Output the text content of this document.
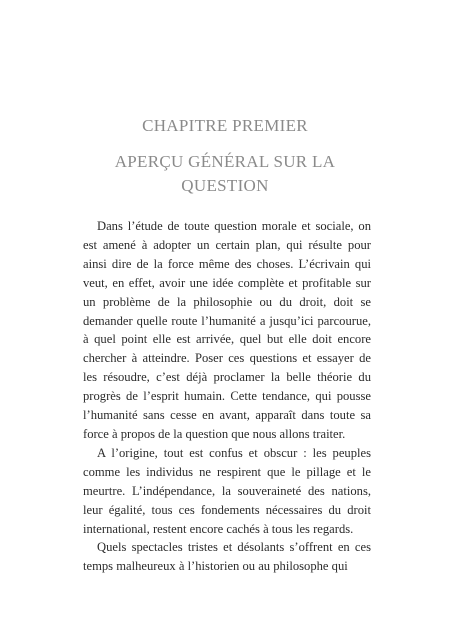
CHAPITRE PREMIER
APERÇU GÉNÉRAL SUR LA QUESTION

Dans l’étude de toute question morale et sociale, on est amené à adopter un certain plan, qui résulte pour ainsi dire de la force même des choses. L’écrivain qui veut, en effet, avoir une idée complète et profitable sur un problème de la philosophie ou du droit, doit se demander quelle route l’humanité a jusqu’ici parcourue, à quel point elle est arrivée, quel but elle doit encore chercher à atteindre. Poser ces questions et essayer de les résoudre, c’est déjà proclamer la belle théorie du progrès de l’esprit humain. Cette tendance, qui pousse l’humanité sans cesse en avant, apparaît dans toute sa force à propos de la question que nous allons traiter.

A l’origine, tout est confus et obscur : les peuples comme les individus ne respirent que le pillage et le meurtre. L’indépendance, la souveraineté des nations, leur égalité, tous ces fondements nécessaires du droit international, restent encore cachés à tous les regards.

Quels spectacles tristes et désolants s’offrent en ces temps malheureux à l’historien ou au philosophe qui
